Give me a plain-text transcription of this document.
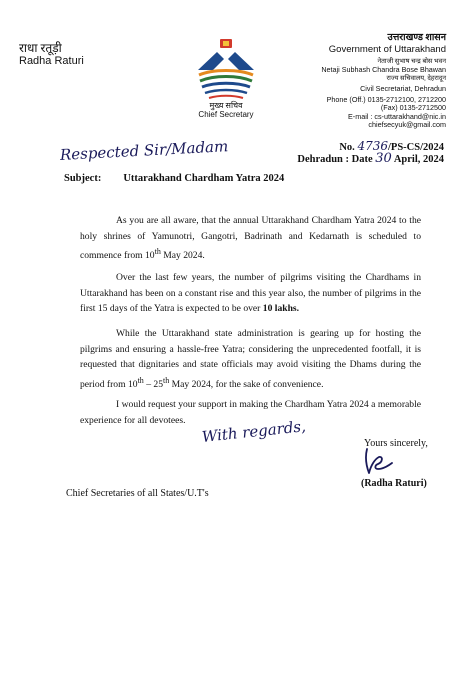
राधा रतूड़ी
Radha Raturi
मुख्य सचिव
Chief Secretary
उत्तराखण्ड शासन
Government of Uttarakhand
नेताजी सुभाष चन्द्र बोस भवन
Netaji Subhash Chandra Bose Bhawan
राज्य सचिवालय, देहरादून
Civil Secretariat, Dehradun
Phone (Off.) 0135-2712100, 2712200
(Fax) 0135-2712500
E-mail : cs-uttarakhand@nic.in
chiefsecyuk@gmail.com
No. 4736/PS-CS/2024
Dehradun : Date 30 April, 2024
Respected Sir/Madam
Subject: Uttarakhand Chardham Yatra 2024
As you are all aware, that the annual Uttarakhand Chardham Yatra 2024 to the holy shrines of Yamunotri, Gangotri, Badrinath and Kedarnath is scheduled to commence from 10th May 2024.
Over the last few years, the number of pilgrims visiting the Chardhams in Uttarakhand has been on a constant rise and this year also, the number of pilgrims in the first 15 days of the Yatra is expected to be over 10 lakhs.
While the Uttarakhand state administration is gearing up for hosting the pilgrims and ensuring a hassle-free Yatra; considering the unprecedented footfall, it is requested that dignitaries and state officials may avoid visiting the Dhams during the period from 10th – 25th May 2024, for the sake of convenience.
I would request your support in making the Chardham Yatra 2024 a memorable experience for all devotees.	With regards,	Yours sincerely,
(Radha Raturi)
Chief Secretaries of all States/U.T's
